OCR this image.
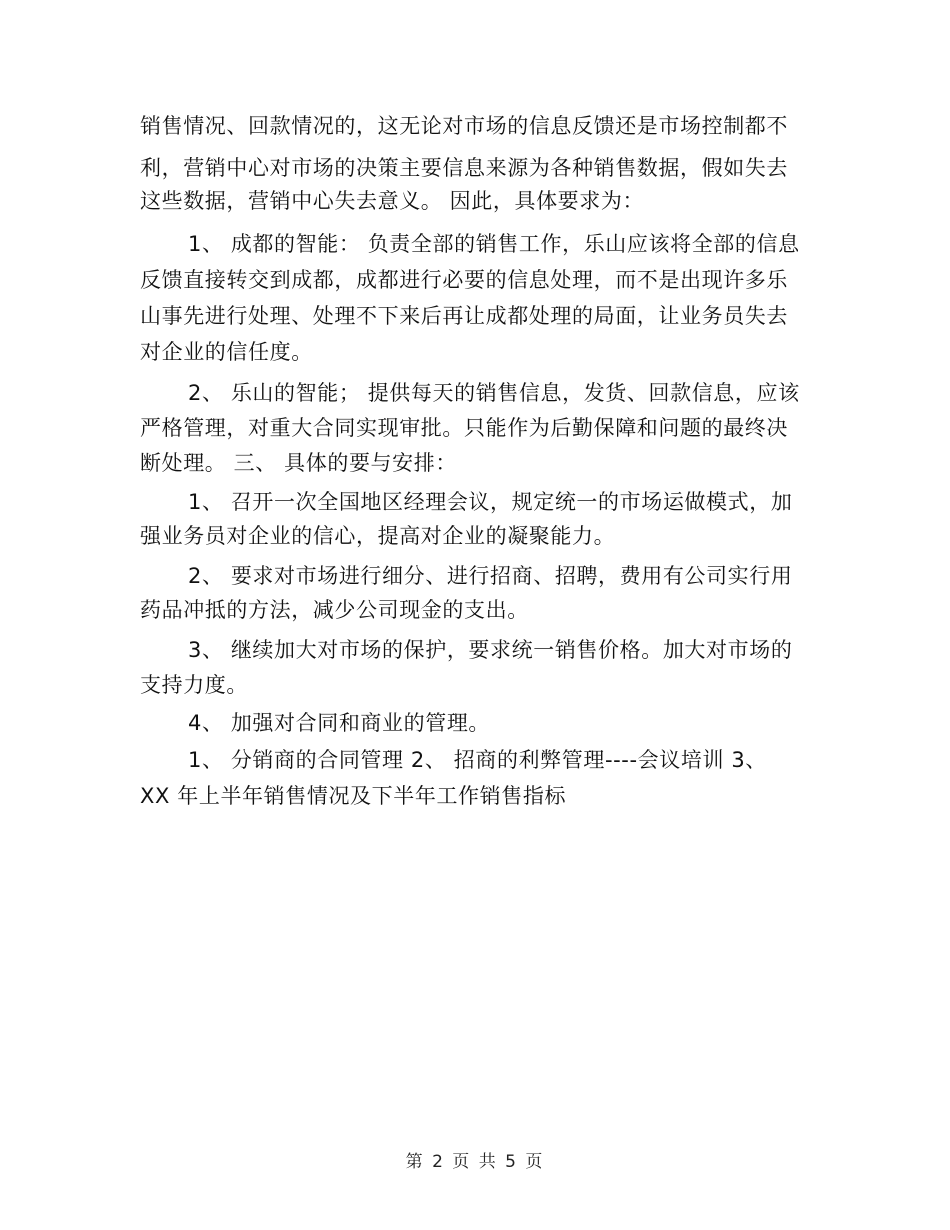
销售情况、回款情况的，这无论对市场的信息反馈还是市场控制都不
利，营销中心对市场的决策主要信息来源为各种销售数据，假如失去
这些数据，营销中心失去意义。 因此，具体要求为：
1、 成都的智能： 负责全部的销售工作，乐山应该将全部的信息
反馈直接转交到成都，成都进行必要的信息处理，而不是出现许多乐
山事先进行处理、处理不下来后再让成都处理的局面，让业务员失去
对企业的信任度。
2、 乐山的智能； 提供每天的销售信息，发货、回款信息，应该
严格管理，对重大合同实现审批。只能作为后勤保障和问题的最终决
断处理。 三、 具体的要与安排：
1、 召开一次全国地区经理会议，规定统一的市场运做模式，加
强业务员对企业的信心，提高对企业的凝聚能力。
2、 要求对市场进行细分、进行招商、招聘，费用有公司实行用
药品冲抵的方法，减少公司现金的支出。
3、 继续加大对市场的保护，要求统一销售价格。加大对市场的
支持力度。
4、 加强对合同和商业的管理。
1、 分销商的合同管理 2、 招商的利弊管理----会议培训 3、
XX 年上半年销售情况及下半年工作销售指标
第 2 页 共 5 页
